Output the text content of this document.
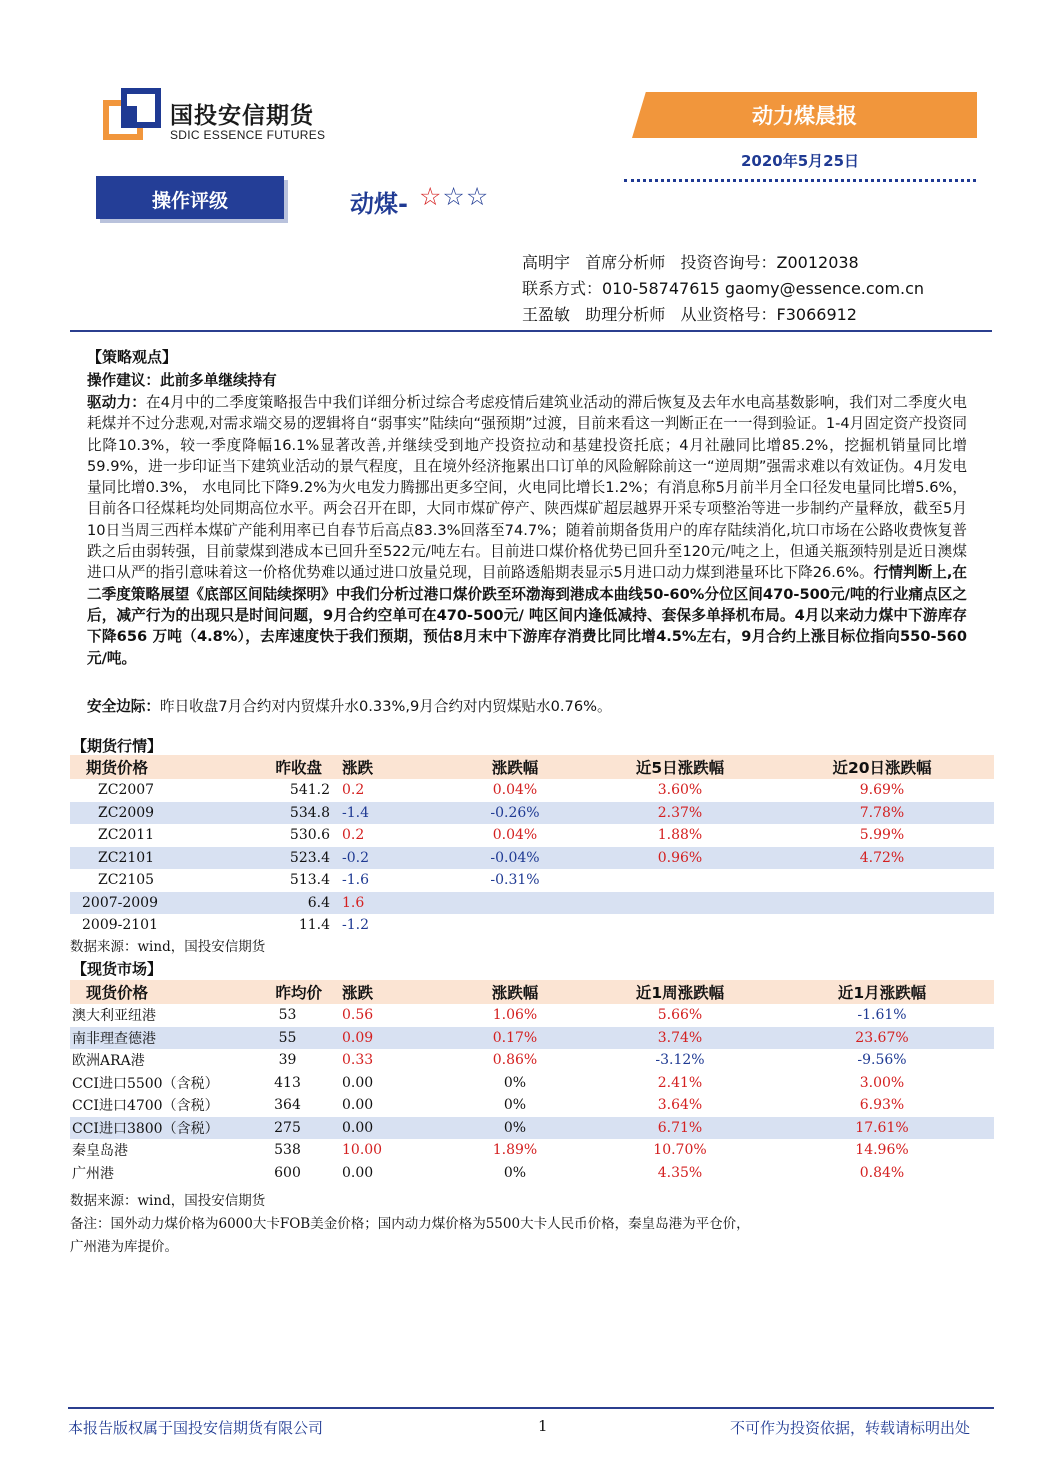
国投安信期货
SDIC ESSENCE FUTURES
动力煤晨报
2020年5月25日
操作评级	动煤- ☆☆☆
高明宇   首席分析师   投资咨询号：Z0012038
联系方式：010-58747615 gaomy@essence.com.cn
王盈敏   助理分析师   从业资格号：F3066912
【策略观点】
操作建议：此前多单继续持有
驱动力：在4月中的二季度策略报告中我们详细分析过综合考虑疫情后建筑业活动的滞后恢复及去年水电高基数影响，我们对二季度火电耗煤并不过分悲观,对需求端交易的逻辑将自“弱事实”陆续向“强预期”过渡，目前来看这一判断正在一一得到验证。1-4月固定资产投资同比降10.3%，较一季度降幅16.1%显著改善,并继续受到地产投资拉动和基建投资托底；4月社融同比增85.2%，挖掘机销量同比增59.9%，进一步印证当下建筑业活动的景气程度，且在境外经济拖累出口订单的风险解除前这一“逆周期”强需求难以有效证伪。4月发电量同比增0.3%， 水电同比下降9.2%为火电发力腾挪出更多空间，火电同比增长1.2%；有消息称5月前半月全口径发电量同比增5.6%，目前各口径煤耗均处同期高位水平。两会召开在即，大同市煤矿停产、陕西煤矿超层越界开采专项整治等进一步制约产量释放，截至5月10日当周三西样本煤矿产能利用率已自春节后高点83.3%回落至74.7%；随着前期备货用户的库存陆续消化,坑口市场在公路收费恢复普跌之后由弱转强，目前蒙煤到港成本已回升至522元/吨左右。目前进口煤价格优势已回升至120元/吨之上，但通关瓶颈特别是近日澳煤进口从严的指引意味着这一价格优势难以通过进口放量兑现，目前路透船期表显示5月进口动力煤到港量环比下降26.6%。行情判断上,在二季度策略展望《底部区间陆续探明》中我们分析过港口煤价跌至环渤海到港成本曲线50-60%分位区间470-500元/吨的行业痛点区之后，减产行为的出现只是时间问题，9月合约空单可在470-500元/ 吨区间内逢低减持、套保多单择机布局。4月以来动力煤中下游库存下降656 万吨（4.8%），去库速度快于我们预期，预估8月末中下游库存消费比同比增4.5%左右，9月合约上涨目标位指向550-560元/吨。
安全边际：昨日收盘7月合约对内贸煤升水0.33%,9月合约对内贸煤贴水0.76%。
【期货行情】
期货价格	昨收盘	涨跌	涨跌幅	近5日涨跌幅	近20日涨跌幅
ZC2007	541.2	0.2	0.04%	3.60%	9.69%
ZC2009	534.8	-1.4	-0.26%	2.37%	7.78%
ZC2011	530.6	0.2	0.04%	1.88%	5.99%
ZC2101	523.4	-0.2	-0.04%	0.96%	4.72%
ZC2105	513.4	-1.6	-0.31%		
2007-2009	6.4	1.6			
2009-2101	11.4	-1.2			
数据来源：wind，国投安信期货
【现货市场】
现货价格	昨均价	涨跌	涨跌幅	近1周涨跌幅	近1月涨跌幅
澳大利亚纽港	53	0.56	1.06%	5.66%	-1.61%
南非理查德港	55	0.09	0.17%	3.74%	23.67%
欧洲ARA港	39	0.33	0.86%	-3.12%	-9.56%
CCI进口5500（含税）	413	0.00	0%	2.41%	3.00%
CCI进口4700（含税）	364	0.00	0%	3.64%	6.93%
CCI进口3800（含税）	275	0.00	0%	6.71%	17.61%
秦皇岛港	538	10.00	1.89%	10.70%	14.96%
广州港	600	0.00	0%	4.35%	0.84%
数据来源：wind，国投安信期货
备注：国外动力煤价格为6000大卡FOB美金价格；国内动力煤价格为5500大卡人民币价格，秦皇岛港为平仓价，
广州港为库提价。
本报告版权属于国投安信期货有限公司	1	不可作为投资依据，转载请标明出处
